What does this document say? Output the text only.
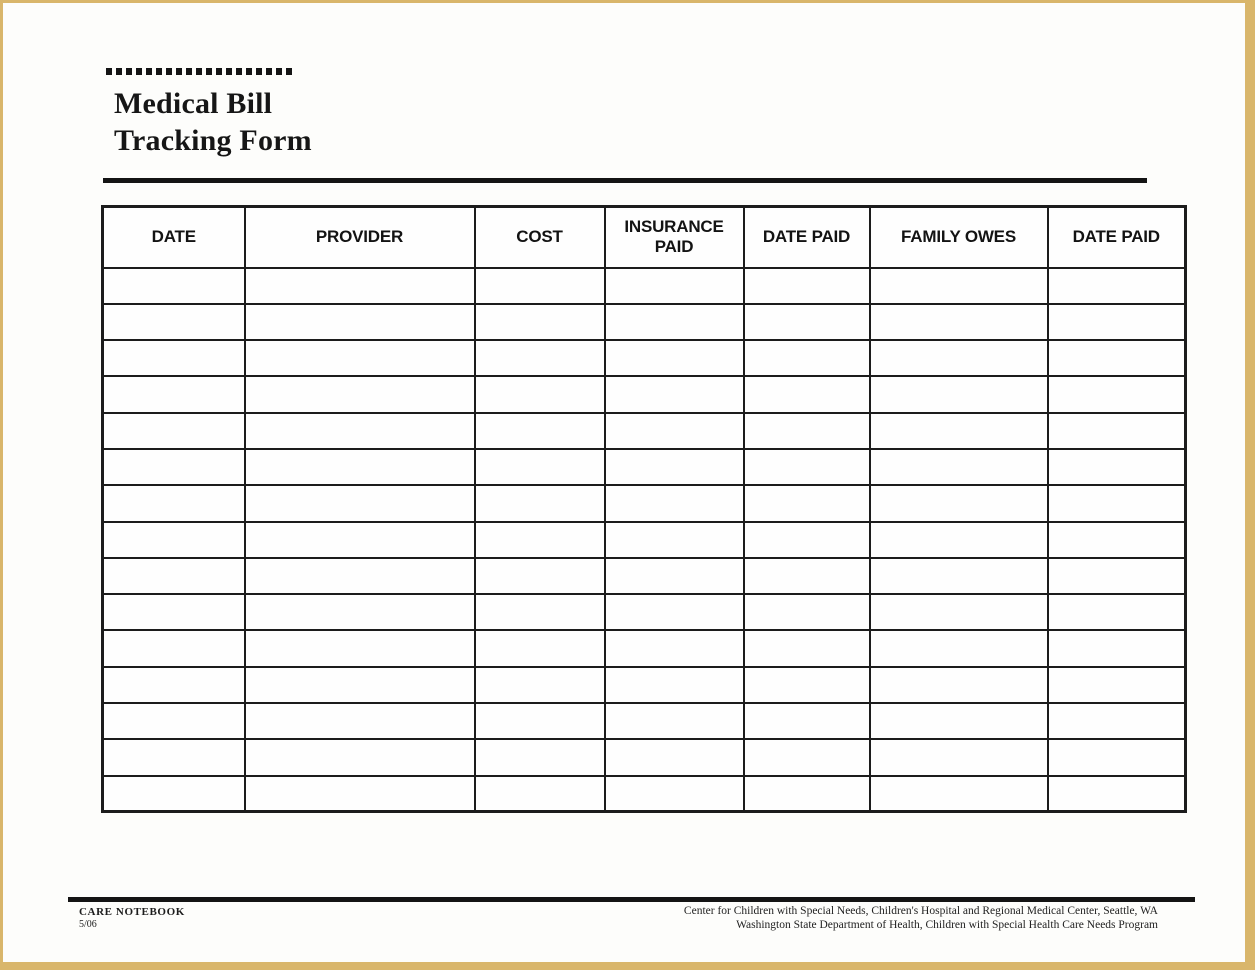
Medical Bill
Tracking Form
DATE	PROVIDER	COST	INSURANCE PAID	DATE PAID	FAMILY OWES	DATE PAID

CARE NOTEBOOK
5/06
Center for Children with Special Needs, Children's Hospital and Regional Medical Center, Seattle, WA
Washington State Department of Health, Children with Special Health Care Needs Program
